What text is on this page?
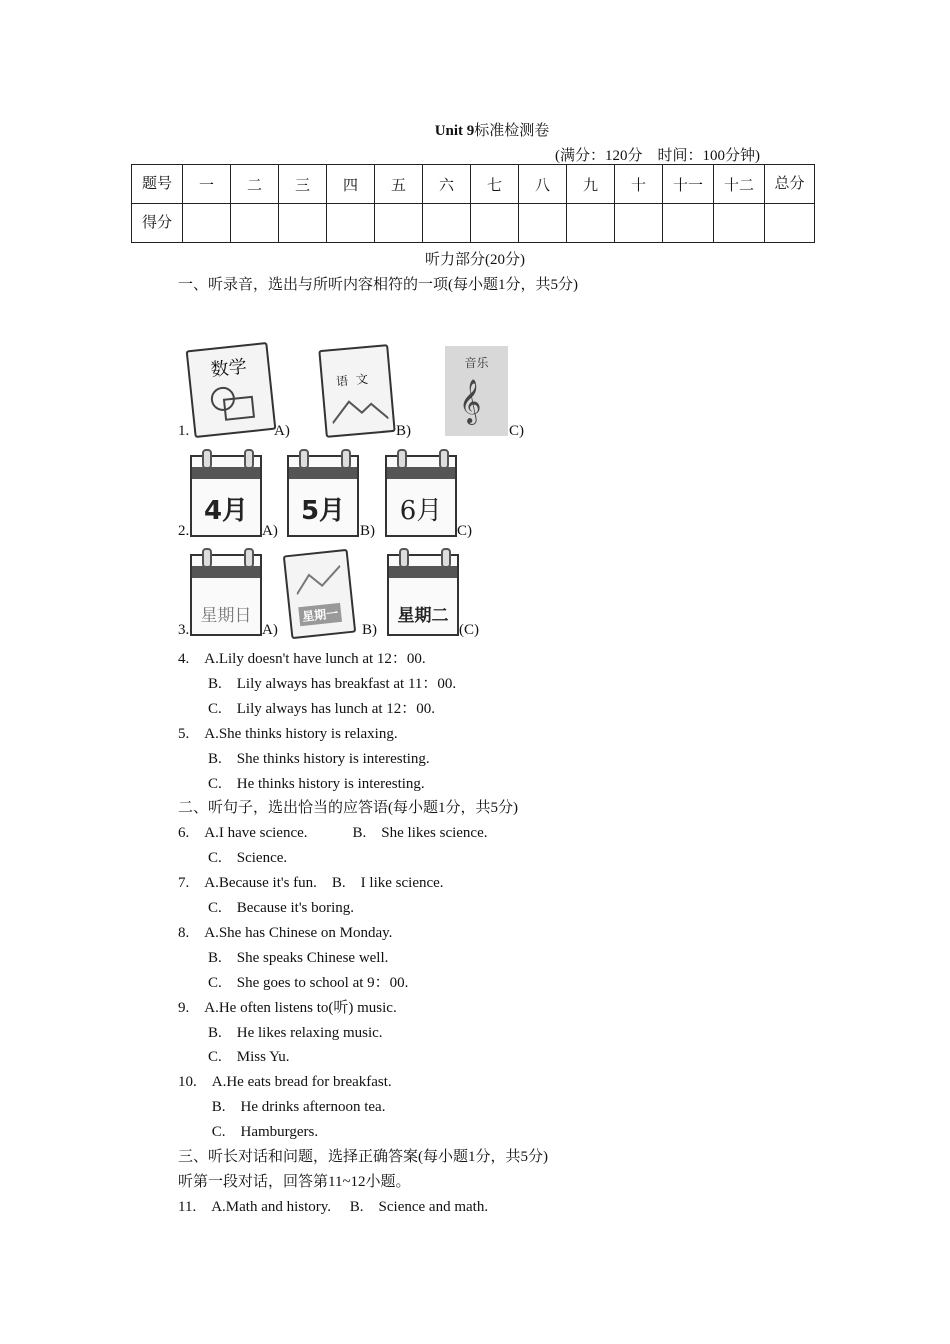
Unit 9标准检测卷
(满分：120分　时间：100分钟)
题号	一	二	三	四	五	六	七	八	九	十	十一	十二	总分
得分													
听力部分(20分)
一、听录音，选出与所听内容相符的一项(每小题1分，共5分)
1.
数学
A)
语文
B)
音乐
𝄞
C)
2.
4月
A)
5月
B)
6月
C)
3.
星期日
A)
星期一
B)
星期二
(C)
4.　A.Lily doesn't have lunch at 12：00.
　　B.　Lily always has breakfast at 11：00.
　　C.　Lily always has lunch at 12：00.
5.　A.She thinks history is relaxing.
　　B.　She thinks history is interesting.
　　C.　He thinks history is interesting.
二、听句子，选出恰当的应答语(每小题1分，共5分)
6.　A.I have science.　　　B.　She likes science.
　　C.　Science.
7.　A.Because it's fun.　B.　I like science.
　　C.　Because it's boring.
8.　A.She has Chinese on Monday.
　　B.　She speaks Chinese well.
　　C.　She goes to school at 9：00.
9.　A.He often listens to(听) music.
　　B.　He likes relaxing music.
　　C.　Miss Yu.
10.　A.He eats bread for breakfast.
　　 B.　He drinks afternoon tea.
　　 C.　Hamburgers.
三、听长对话和问题，选择正确答案(每小题1分，共5分)
听第一段对话，回答第11~12小题。
11.　A.Math and history.　 B.　Science and math.
